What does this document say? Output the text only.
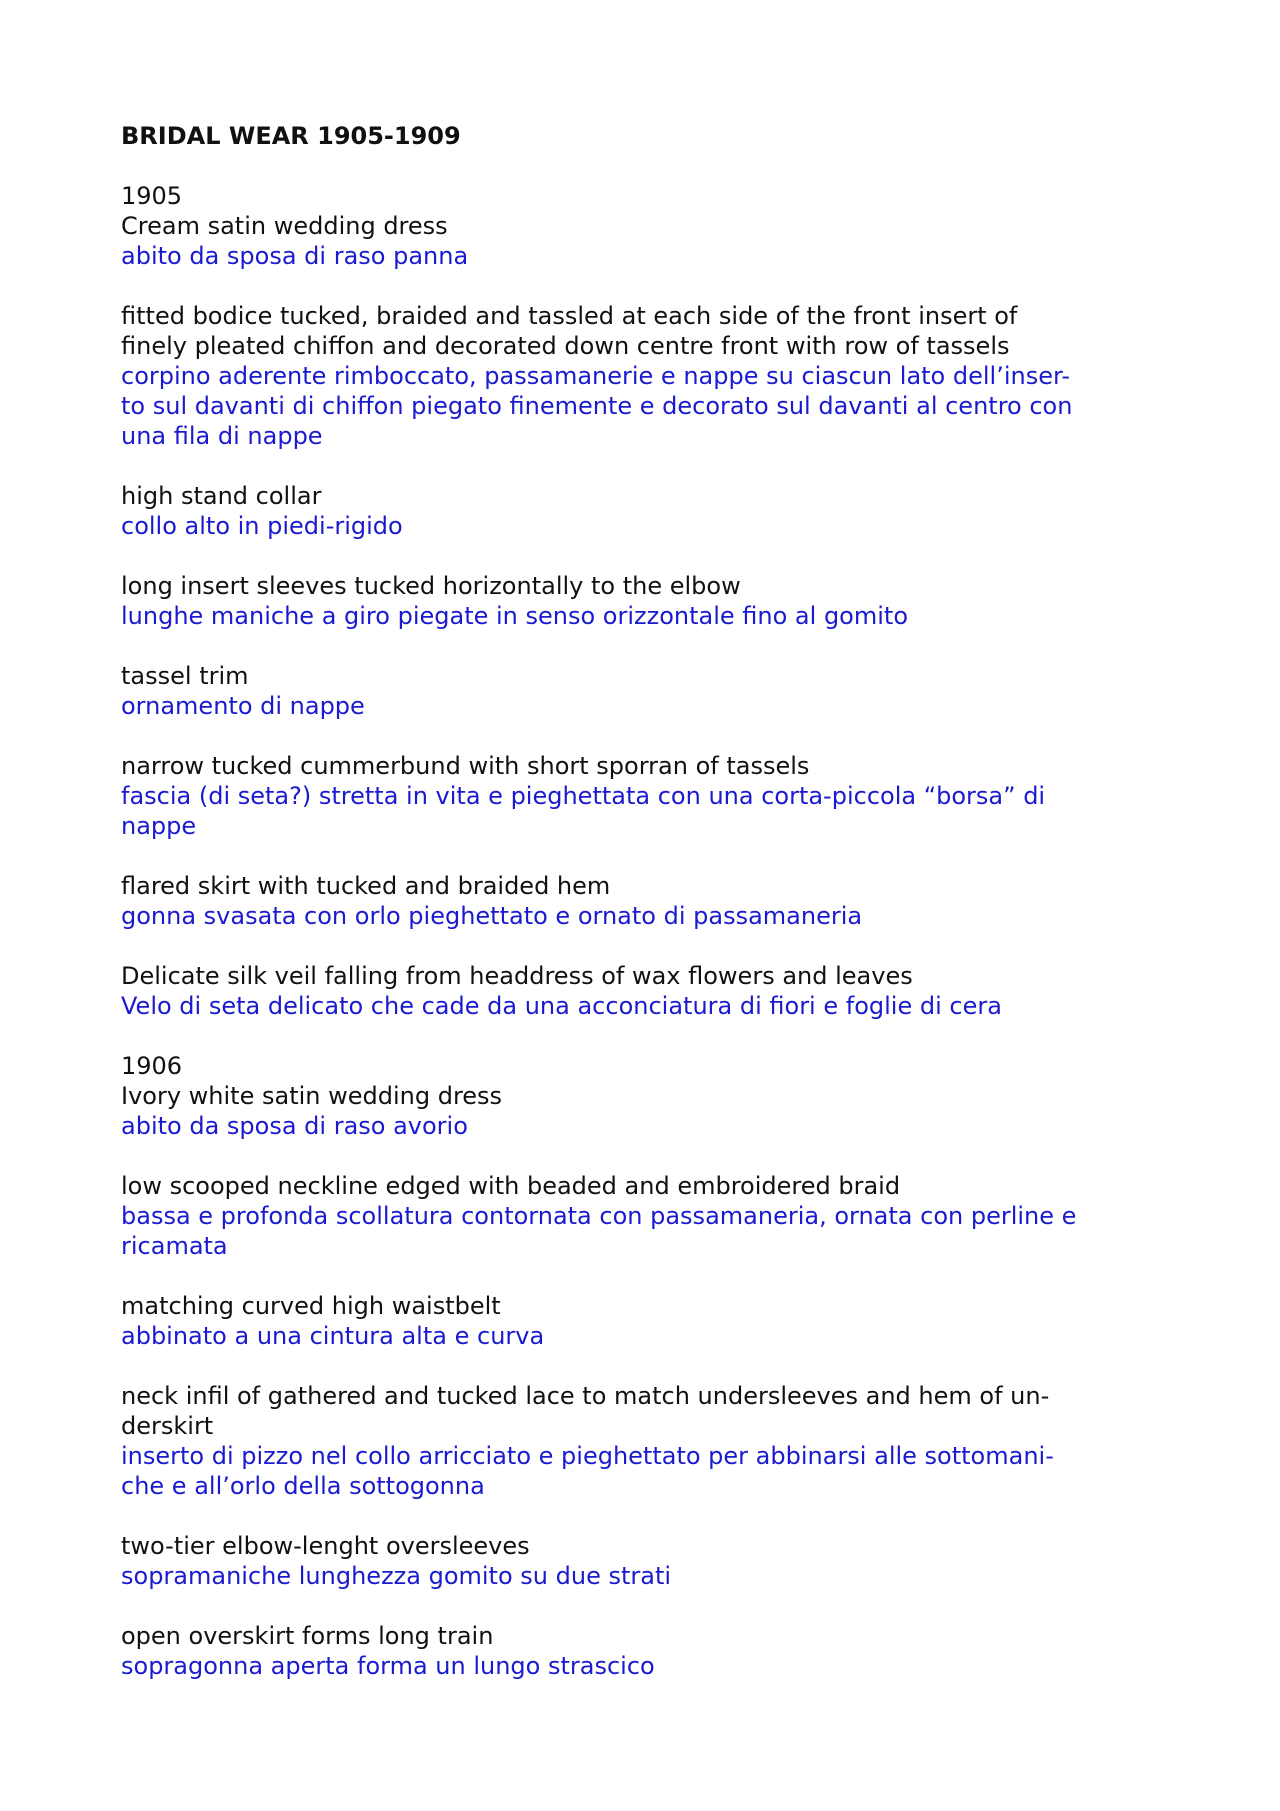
BRIDAL WEAR 1905-1909
1905
Cream satin wedding dress
abito da sposa di raso panna
fitted bodice tucked, braided and tassled at each side of the front insert of
finely pleated chiffon and decorated down centre front with row of tassels
corpino aderente rimboccato, passamanerie e nappe su ciascun lato dell’inser-
to sul davanti di chiffon piegato finemente e decorato sul davanti al centro con
una fila di nappe
high stand collar
collo alto in piedi-rigido
long insert sleeves tucked horizontally to the elbow
lunghe maniche a giro piegate in senso orizzontale fino al gomito
tassel trim
ornamento di nappe
narrow tucked cummerbund with short sporran of tassels
fascia (di seta?) stretta in vita e pieghettata con una corta-piccola “borsa” di
nappe
flared skirt with tucked and braided hem
gonna svasata con orlo pieghettato e ornato di passamaneria
Delicate silk veil falling from headdress of wax flowers and leaves
Velo di seta delicato che cade da una acconciatura di fiori e foglie di cera
1906
Ivory white satin wedding dress
abito da sposa di raso avorio
low scooped neckline edged with beaded and embroidered braid
bassa e profonda scollatura contornata con passamaneria, ornata con perline e
ricamata
matching curved high waistbelt
abbinato a una cintura alta e curva
neck infil of gathered and tucked lace to match undersleeves and hem of un-
derskirt
inserto di pizzo nel collo arricciato e pieghettato per abbinarsi alle sottomani-
che e all’orlo della sottogonna
two-tier elbow-lenght oversleeves
sopramaniche lunghezza gomito su due strati
open overskirt forms long train
sopragonna aperta forma un lungo strascico
